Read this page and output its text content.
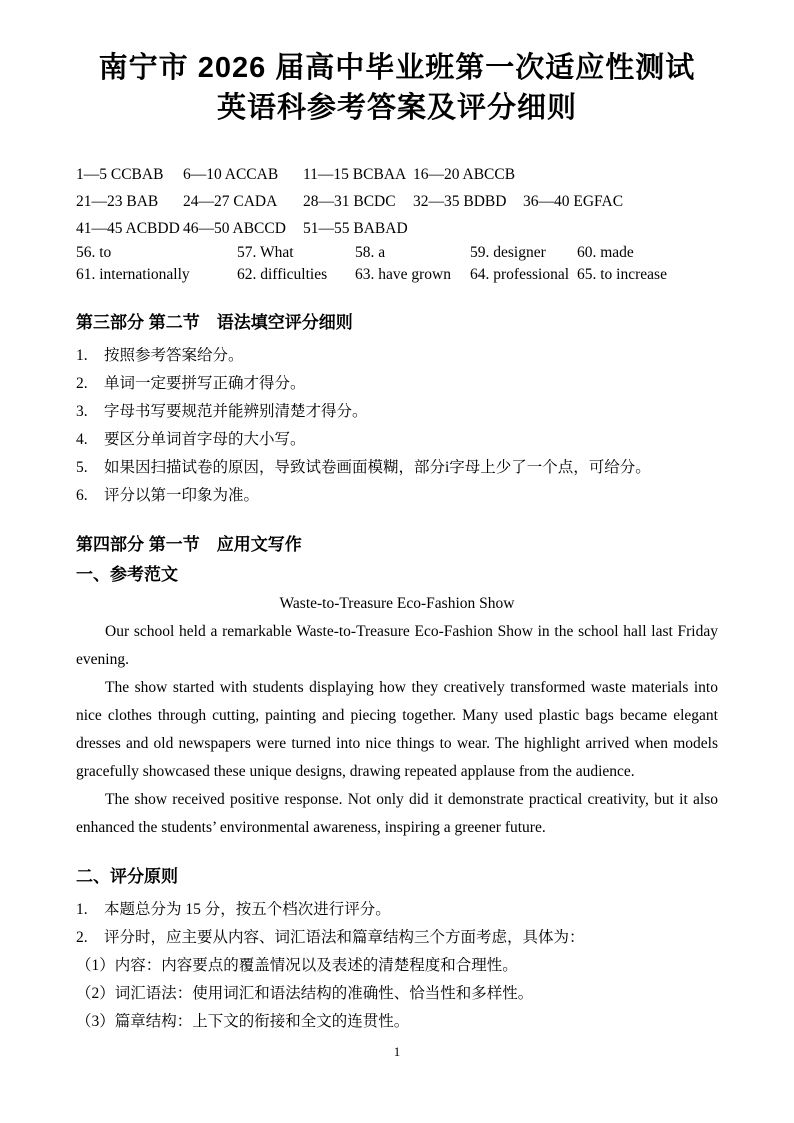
南宁市 2026 届高中毕业班第一次适应性测试
英语科参考答案及评分细则
1—5 CCBAB	6—10 ACCAB	11—15 BCBAA 16—20 ABCCB
21—23 BAB	24—27 CADA	28—31 BCDC	32—35 BDBD	36—40 EGFAC
41—45 ACBDD 46—50 ABCCD	51—55 BABAD
56. to	57. What	58. a	59. designer	60. made
61. internationally	62. difficulties	63. have grown	64. professional 65. to increase
第三部分 第二节　语法填空评分细则
1.	按照参考答案给分。
2.	单词一定要拼写正确才得分。
3.	字母书写要规范并能辨别清楚才得分。
4.	要区分单词首字母的大小写。
5.	如果因扫描试卷的原因，导致试卷画面模糊，部分i字母上少了一个点，可给分。
6.	评分以第一印象为准。
第四部分 第一节　应用文写作
一、参考范文
Waste-to-Treasure Eco-Fashion Show

Our school held a remarkable Waste-to-Treasure Eco-Fashion Show in the school hall last Friday evening.

The show started with students displaying how they creatively transformed waste materials into nice clothes through cutting, painting and piecing together. Many used plastic bags became elegant dresses and old newspapers were turned into nice things to wear. The highlight arrived when models gracefully showcased these unique designs, drawing repeated applause from the audience.

The show received positive response. Not only did it demonstrate practical creativity, but it also enhanced the students’ environmental awareness, inspiring a greener future.

二、评分原则
1.	本题总分为 15 分，按五个档次进行评分。
2.	评分时，应主要从内容、词汇语法和篇章结构三个方面考虑，具体为：
（1） 内容：内容要点的覆盖情况以及表述的清楚程度和合理性。
（2） 词汇语法：使用词汇和语法结构的准确性、恰当性和多样性。
（3） 篇章结构：上下文的衔接和全文的连贯性。
1
